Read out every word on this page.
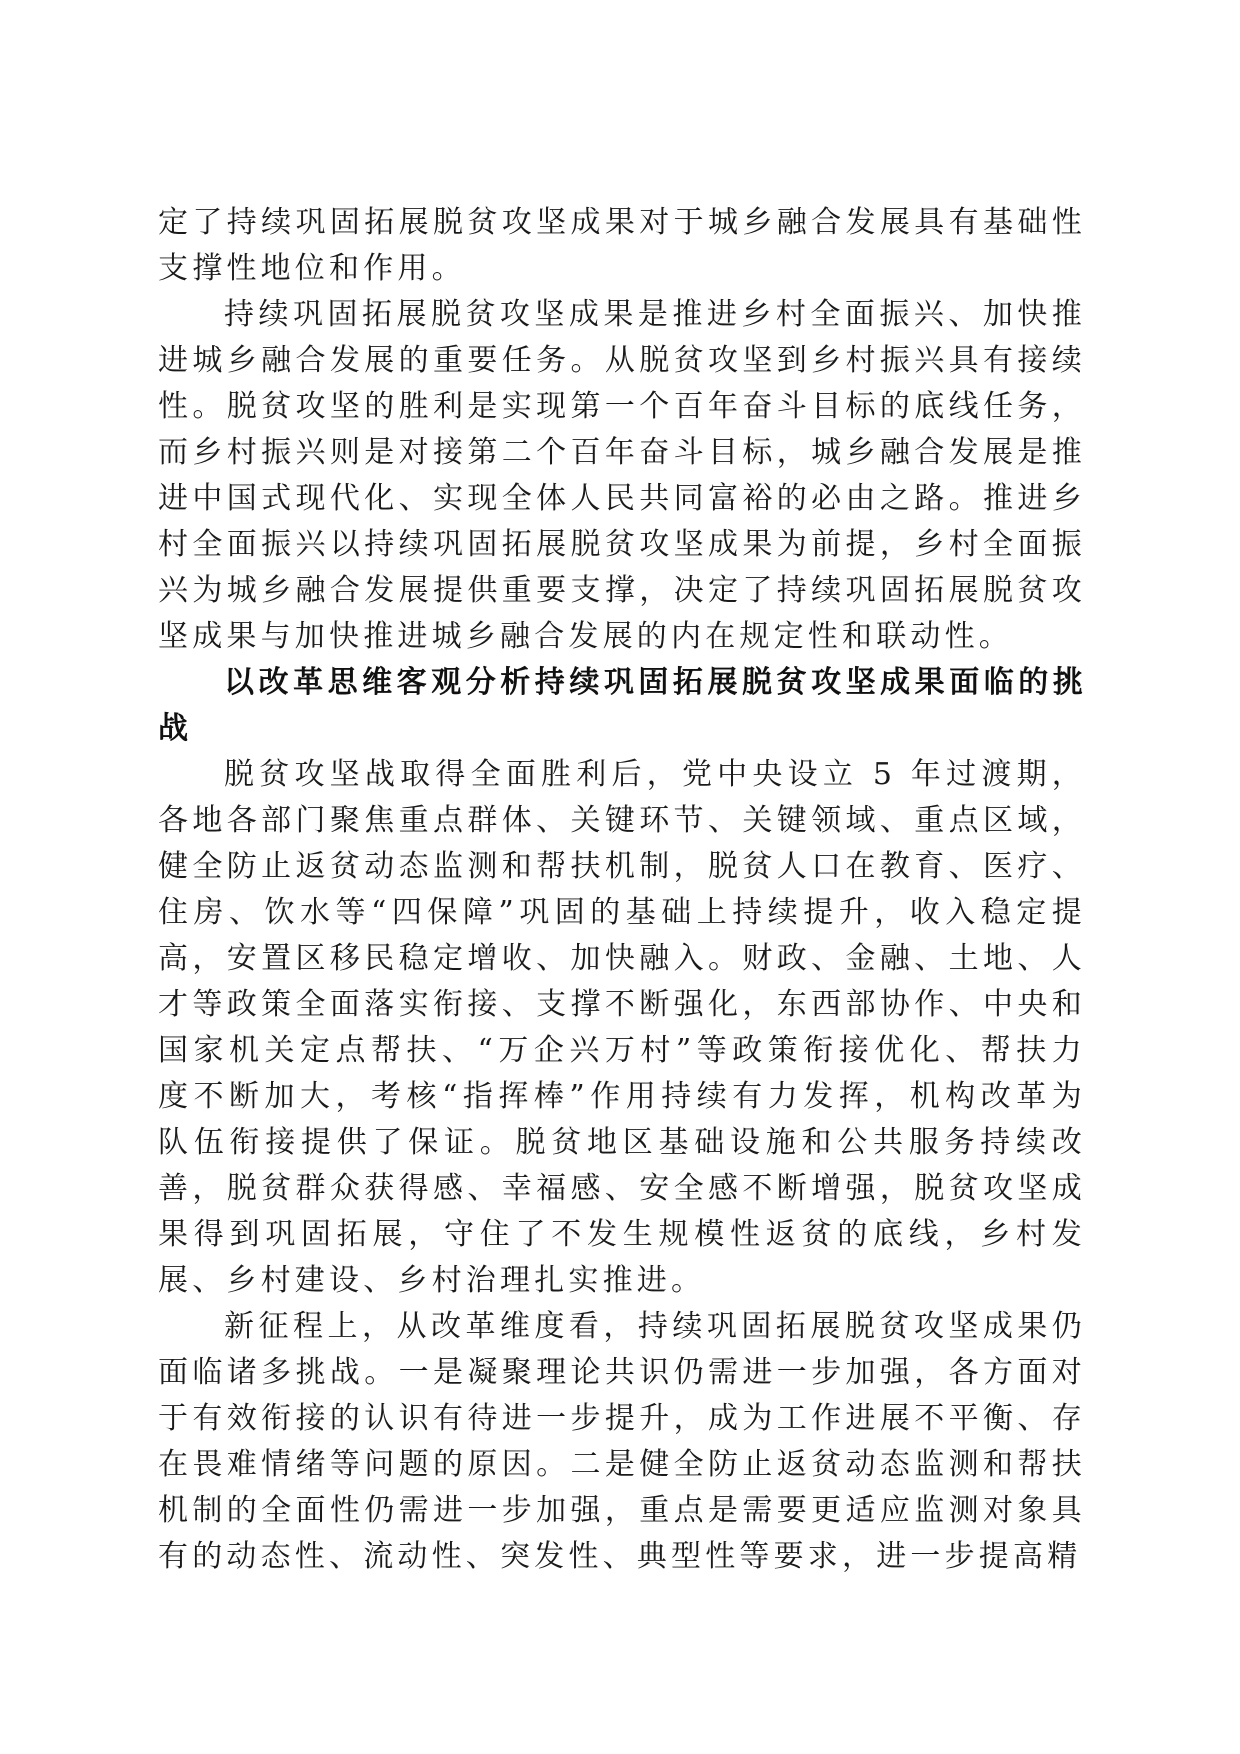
定了持续巩固拓展脱贫攻坚成果对于城乡融合发展具有基础性支撑性地位和作用。

持续巩固拓展脱贫攻坚成果是推进乡村全面振兴、加快推进城乡融合发展的重要任务。从脱贫攻坚到乡村振兴具有接续性。脱贫攻坚的胜利是实现第一个百年奋斗目标的底线任务，而乡村振兴则是对接第二个百年奋斗目标，城乡融合发展是推进中国式现代化、实现全体人民共同富裕的必由之路。推进乡村全面振兴以持续巩固拓展脱贫攻坚成果为前提，乡村全面振兴为城乡融合发展提供重要支撑，决定了持续巩固拓展脱贫攻坚成果与加快推进城乡融合发展的内在规定性和联动性。

以改革思维客观分析持续巩固拓展脱贫攻坚成果面临的挑战

脱贫攻坚战取得全面胜利后，党中央设立 5 年过渡期，各地各部门聚焦重点群体、关键环节、关键领域、重点区域，健全防止返贫动态监测和帮扶机制，脱贫人口在教育、医疗、住房、饮水等“四保障”巩固的基础上持续提升，收入稳定提高，安置区移民稳定增收、加快融入。财政、金融、土地、人才等政策全面落实衔接、支撑不断强化，东西部协作、中央和国家机关定点帮扶、“万企兴万村”等政策衔接优化、帮扶力度不断加大，考核“指挥棒”作用持续有力发挥，机构改革为队伍衔接提供了保证。脱贫地区基础设施和公共服务持续改善，脱贫群众获得感、幸福感、安全感不断增强，脱贫攻坚成果得到巩固拓展，守住了不发生规模性返贫的底线，乡村发展、乡村建设、乡村治理扎实推进。

新征程上，从改革维度看，持续巩固拓展脱贫攻坚成果仍面临诸多挑战。一是凝聚理论共识仍需进一步加强，各方面对于有效衔接的认识有待进一步提升，成为工作进展不平衡、存在畏难情绪等问题的原因。二是健全防止返贫动态监测和帮扶机制的全面性仍需进一步加强，重点是需要更适应监测对象具有的动态性、流动性、突发性、典型性等要求，进一步提高精
